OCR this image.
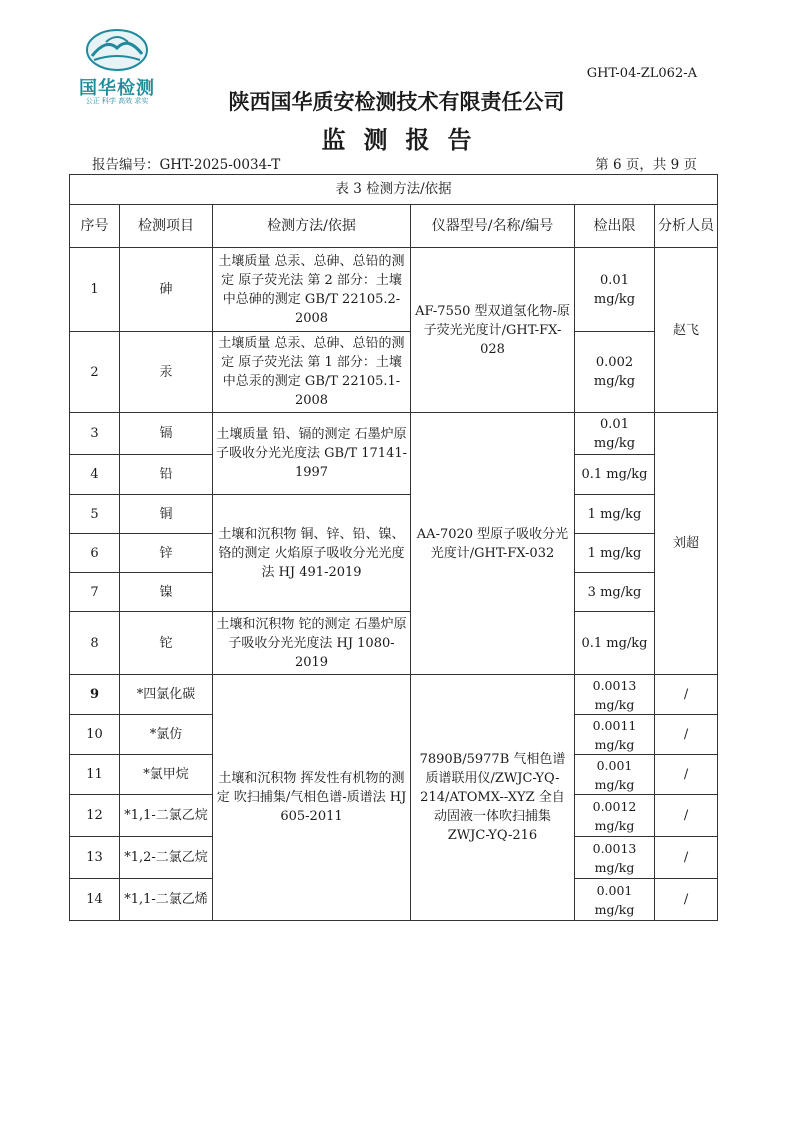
国华检测
公正 科学 高效 求实
GHT-04-ZL062-A
陕西国华质安检测技术有限责任公司
监测报告
报告编号：GHT-2025-0034-T	第 6 页，共 9 页
表 3 检测方法/依据					
序号	检测项目	检测方法/依据	仪器型号/名称/编号	检出限	分析人员
1	砷	土壤质量 总汞、总砷、总铅的测定 原子荧光法 第 2 部分：土壤中总砷的测定 GB/T 22105.2-2008	AF-7550 型双道氢化物-原子荧光光度计/GHT-FX-028	0.01 mg/kg	赵飞
2	汞	土壤质量 总汞、总砷、总铅的测定 原子荧光法 第 1 部分：土壤中总汞的测定 GB/T 22105.1-2008		0.002 mg/kg	
3	镉	土壤质量 铅、镉的测定 石墨炉原子吸收分光光度法 GB/T 17141-1997	AA-7020 型原子吸收分光光度计/GHT-FX-032	0.01 mg/kg	刘超
4	铅			0.1 mg/kg	
5	铜	土壤和沉积物 铜、锌、铅、镍、铬的测定 火焰原子吸收分光光度法 HJ 491-2019		1 mg/kg	
6	锌			1 mg/kg	
7	镍			3 mg/kg	
8	铊	土壤和沉积物 铊的测定 石墨炉原子吸收分光光度法 HJ 1080-2019		0.1 mg/kg	
9	*四氯化碳	土壤和沉积物 挥发性有机物的测定 吹扫捕集/气相色谱-质谱法 HJ 605-2011	7890B/5977B 气相色谱质谱联用仪/ZWJC-YQ-214/ATOMX--XYZ 全自动固液一体吹扫捕集ZWJC-YQ-216	0.0013 mg/kg	/
10	*氯仿			0.0011 mg/kg	/
11	*氯甲烷			0.001 mg/kg	/
12	*1,1-二氯乙烷			0.0012 mg/kg	/
13	*1,2-二氯乙烷			0.0013 mg/kg	/
14	*1,1-二氯乙烯			0.001 mg/kg	/
